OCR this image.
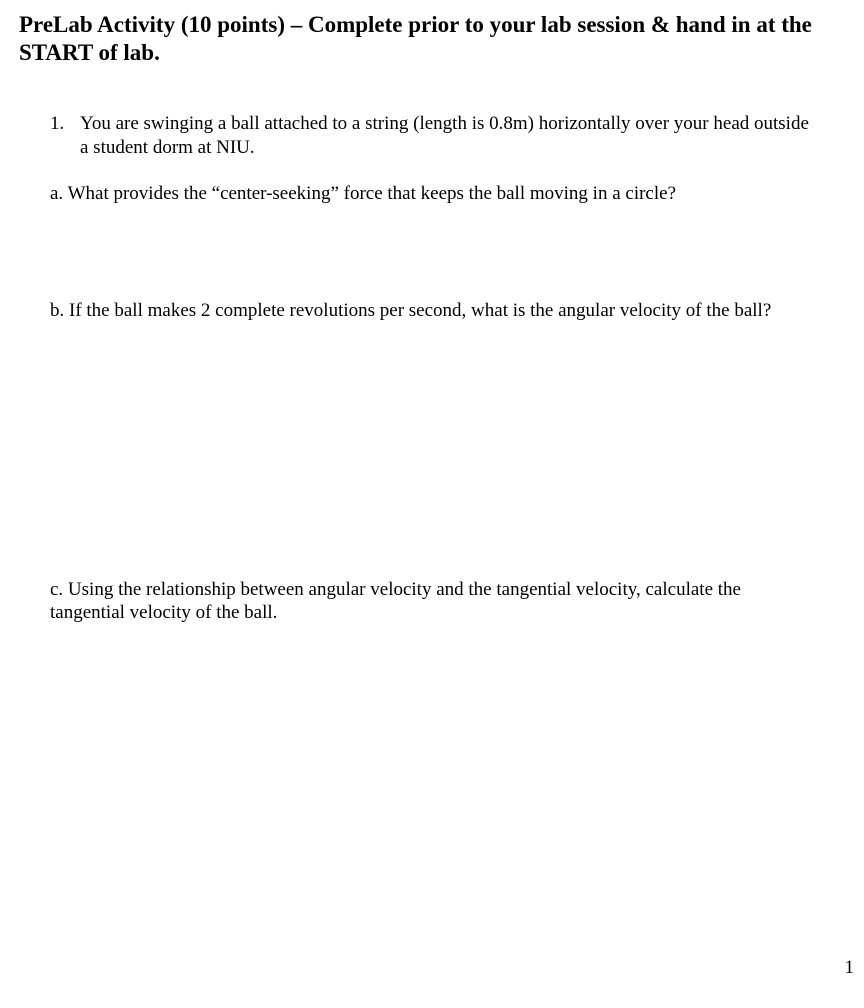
PreLab Activity (10 points) – Complete prior to your lab session & hand in at the START of lab.
1. You are swinging a ball attached to a string (length is 0.8m) horizontally over your head outside a student dorm at NIU.

a. What provides the “center-seeking” force that keeps the ball moving in a circle?

b. If the ball makes 2 complete revolutions per second, what is the angular velocity of the ball?

c. Using the relationship between angular velocity and the tangential velocity, calculate the tangential velocity of the ball.

1
